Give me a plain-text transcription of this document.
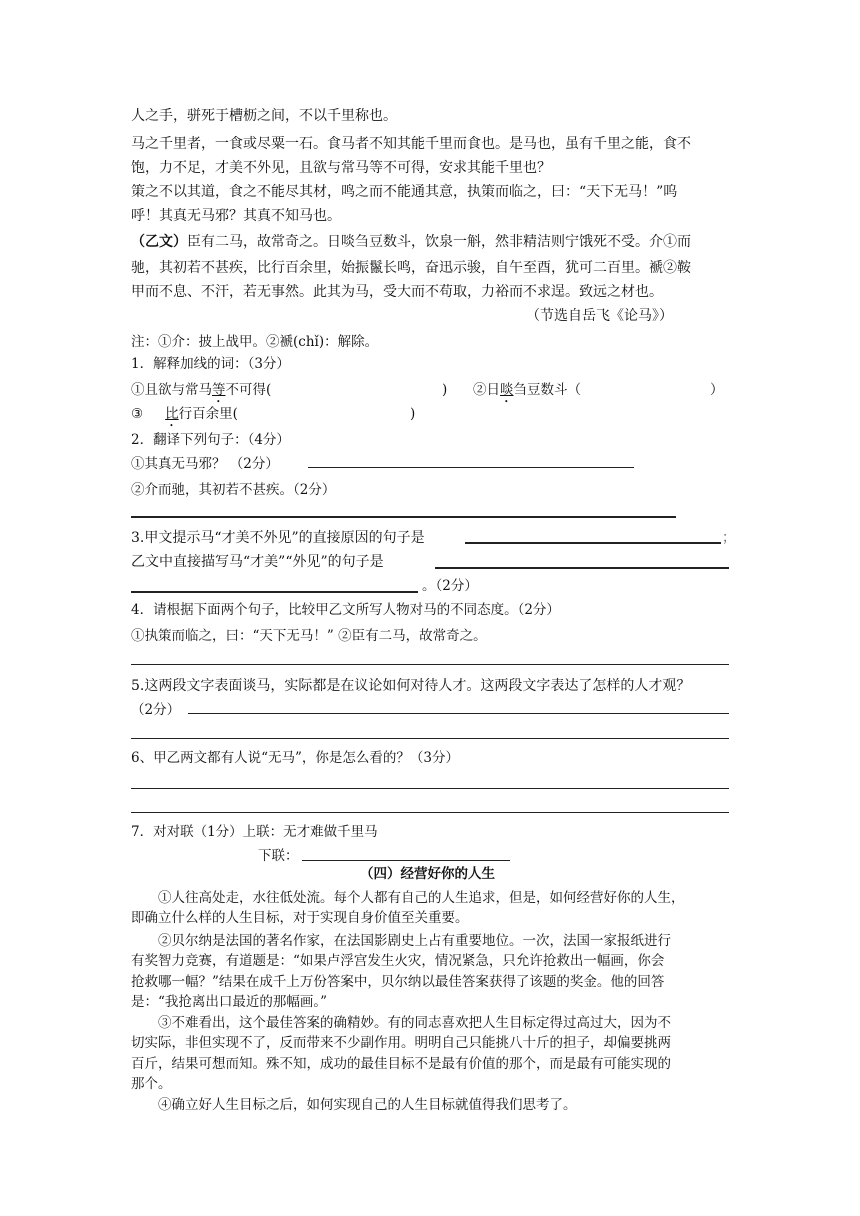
人之手，骈死于槽枥之间，不以千里称也。
马之千里者，一食或尽粟一石。食马者不知其能千里而食也。是马也，虽有千里之能，食不
饱，力不足，才美不外见，且欲与常马等不可得，安求其能千里也？
策之不以其道，食之不能尽其材，鸣之而不能通其意，执策而临之，曰：“天下无马！”呜
呼！其真无马邪？其真不知马也。
（乙文）臣有二马，故常奇之。日啖刍豆数斗，饮泉一斛，然非精洁则宁饿死不受。介①而
驰，其初若不甚疾，比行百余里，始振鬣长鸣，奋迅示骏，自午至酉，犹可二百里。褫②鞍
甲而不息、不汗，若无事然。此其为马，受大而不苟取，力裕而不求逞。致远之材也。
（节选自岳飞《论马》）
注：①介：披上战甲。②褫(chǐ)：解除。
1．解释加线的词：（3分）
①且欲与常马等不可得(	) ②日啖刍豆数斗（	）
③ 比行百余里(	)
2．翻译下列句子：（4分）
①其真无马邪？ （2分）
②介而驰，其初若不甚疾。（2分）
3.甲文提示马“才美不外见”的直接原因的句子是	；
乙文中直接描写马“才美”“外见”的句子是
。（2分）
4．请根据下面两个句子，比较甲乙文所写人物对马的不同态度。（2分）
①执策而临之，曰：“天下无马！” ②臣有二马，故常奇之。
5.这两段文字表面谈马，实际都是在议论如何对待人才。这两段文字表达了怎样的人才观？
（2分）
6、甲乙两文都有人说“无马”，你是怎么看的？（3分）
7．对对联（1分）上联：无才难做千里马
下联：
（四）经营好你的人生
①人往高处走，水往低处流。每个人都有自己的人生追求，但是，如何经营好你的人生，
即确立什么样的人生目标，对于实现自身价值至关重要。
②贝尔纳是法国的著名作家，在法国影剧史上占有重要地位。一次，法国一家报纸进行
有奖智力竞赛，有道题是：“如果卢浮宫发生火灾，情况紧急，只允许抢救出一幅画，你会
抢救哪一幅？”结果在成千上万份答案中，贝尔纳以最佳答案获得了该题的奖金。他的回答
是：“我抢离出口最近的那幅画。”
③不难看出，这个最佳答案的确精妙。有的同志喜欢把人生目标定得过高过大，因为不
切实际，非但实现不了，反而带来不少副作用。明明自己只能挑八十斤的担子，却偏要挑两
百斤，结果可想而知。殊不知，成功的最佳目标不是最有价值的那个，而是最有可能实现的
那个。
④确立好人生目标之后，如何实现自己的人生目标就值得我们思考了。
